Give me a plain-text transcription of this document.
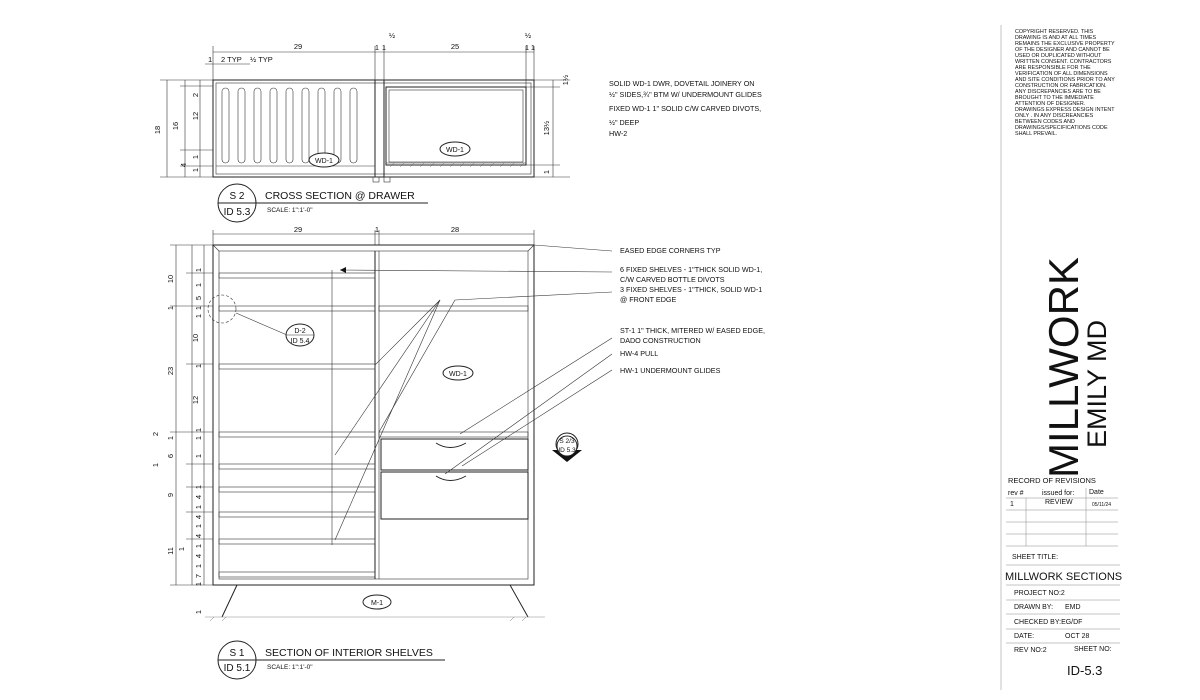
WD-1
WD-1
29	25
1 1	1 1
½	½
1 2 TYP ½ TYP
18 16
12
2
1
1
4
1½
13½
1
SOLID WD-1 DWR, DOVETAIL JOINERY ON
½" SIDES,¾" BTM W/ UNDERMOUNT GLIDES
FIXED WD-1 1" SOLID C/W CARVED DIVOTS,
½" DEEP
HW-2
S 2
ID 5.3
CROSS SECTION @ DRAWER
SCALE: 1":1'-0"
WD-1
M-1
D-2
ID 5.4
S 2/3
ID 5.3
29	1	28
10
1
1
1
5
1
1
10
1
23
1
12
2
1	1
6	1
1
9
1
4
1
4
1
4
1
11 1
4
1
7
1
1
EASED EDGE CORNERS TYP
6 FIXED SHELVES - 1"THICK SOLID WD-1,
C/W CARVED BOTTLE DIVOTS
3 FIXED SHELVES - 1"THICK, SOLID WD-1
@ FRONT EDGE
ST-1 1" THICK, MITERED W/ EASED EDGE,
DADO CONSTRUCTION
HW-4 PULL
HW-1 UNDERMOUNT GLIDES
S 1
ID 5.1
SECTION OF INTERIOR SHELVES
SCALE: 1":1'-0"
COPYRIGHT RESERVED. THIS
DRAWING IS AND AT ALL TIMES
REMAINS THE EXCLUSIVE PROPERTY
OF THE DESIGNER AND CANNOT BE
USED OR DUPLICATED WITHOUT
WRITTEN CONSENT. CONTRACTORS
ARE RESPONSIBLE FOR THE
VERIFICATION OF ALL DIMENSIONS
AND SITE CONDITIONS PRIOR TO ANY
CONSTRUCTION OR FABRICATION.
ANY DISCREPANCIES ARE TO BE
BROUGHT TO THE IMMEDIATE
ATTENTION OF DESIGNER.
DRAWINGS EXPRESS DESIGN INTENT
ONLY . IN ANY DISCREANCIES
BETWEEN CODES AND
DRAWINGS/SPECIFICATIONS CODE
SHALL PREVAIL.
MILLWORK
EMILY MD
RECORD OF REVISIONS
rev #	issued for: Date
1	REVIEW	05/11/24
SHEET TITLE:
MILLWORK SECTIONS
PROJECT NO:2
DRAWN BY: EMD
CHECKED BY:EG/DF
DATE:	OCT 28
REV NO:2	SHEET NO:
ID-5.3
